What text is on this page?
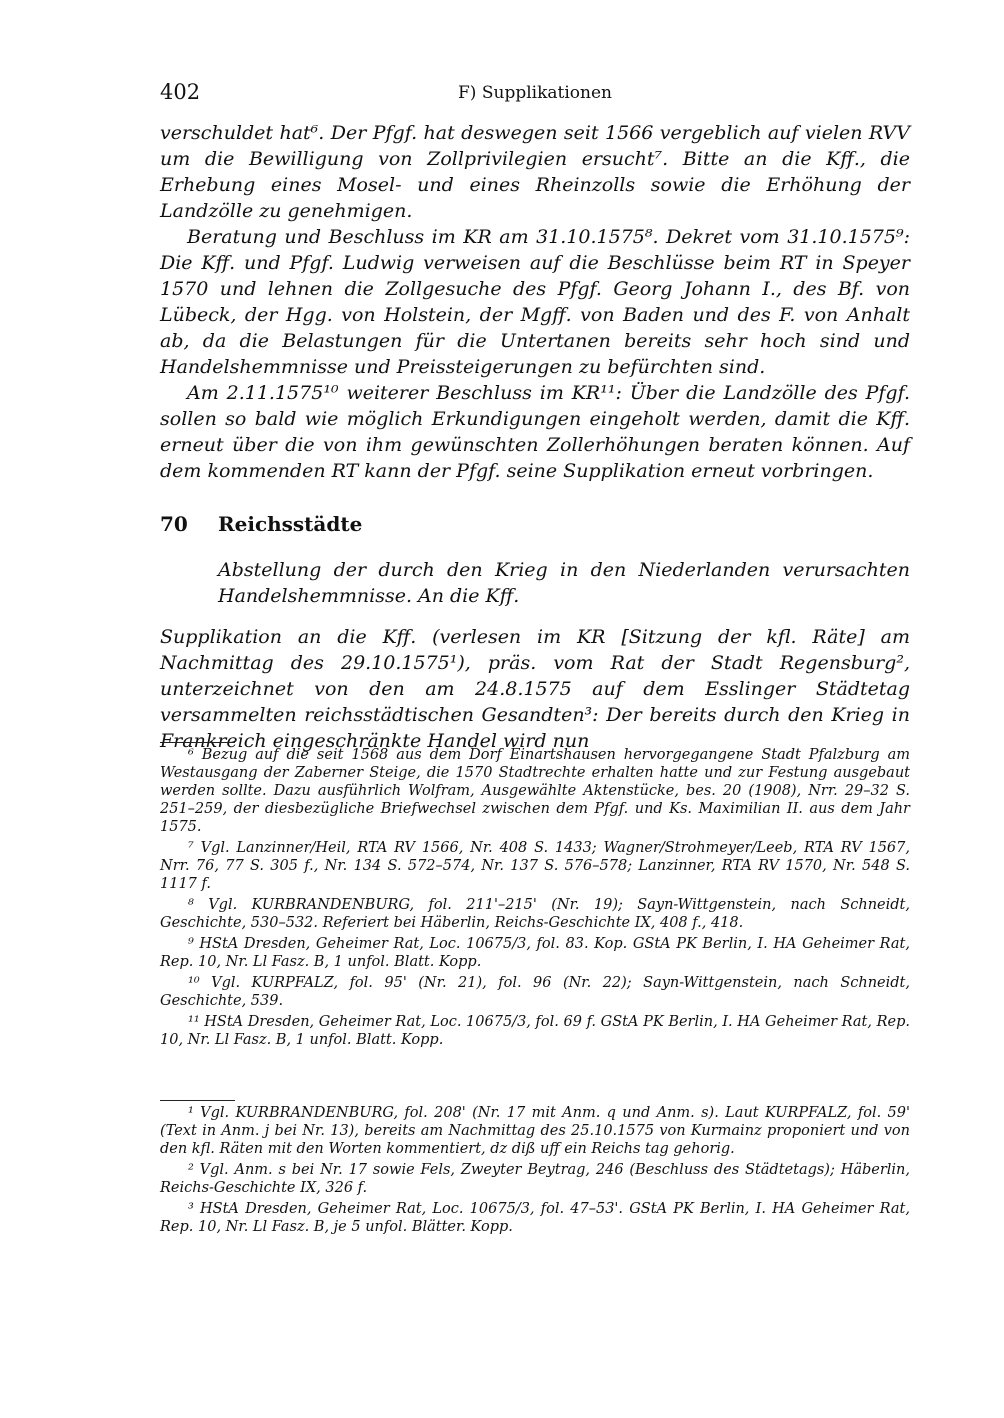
402	F) Supplikationen

verschuldet hat⁶. Der Pfgf. hat deswegen seit 1566 vergeblich auf vielen RVV um die Bewilligung von Zollprivilegien ersucht⁷. Bitte an die Kff., die Erhebung eines Mosel- und eines Rheinzolls sowie die Erhöhung der Landzölle zu genehmigen.

Beratung und Beschluss im KR am 31.10.1575⁸. Dekret vom 31.10.1575⁹: Die Kff. und Pfgf. Ludwig verweisen auf die Beschlüsse beim RT in Speyer 1570 und lehnen die Zollgesuche des Pfgf. Georg Johann I., des Bf. von Lübeck, der Hgg. von Holstein, der Mgff. von Baden und des F. von Anhalt ab, da die Belastungen für die Untertanen bereits sehr hoch sind und Handelshemmnisse und Preissteigerungen zu befürchten sind.

Am 2.11.1575¹⁰ weiterer Beschluss im KR¹¹: Über die Landzölle des Pfgf. sollen so bald wie möglich Erkundigungen eingeholt werden, damit die Kff. erneut über die von ihm gewünschten Zollerhöhungen beraten können. Auf dem kommenden RT kann der Pfgf. seine Supplikation erneut vorbringen.

70 Reichsstädte
Abstellung der durch den Krieg in den Niederlanden verursachten Handelshemmnisse. An die Kff.
Supplikation an die Kff. (verlesen im KR [Sitzung der kfl. Räte] am Nachmittag des 29.10.1575¹), präs. vom Rat der Stadt Regensburg², unterzeichnet von den am 24.8.1575 auf dem Esslinger Städtetag versammelten reichsstädtischen Gesandten³: Der bereits durch den Krieg in Frankreich eingeschränkte Handel wird nun

⁶ Bezug auf die seit 1568 aus dem Dorf Einartshausen hervorgegangene Stadt Pfalzburg am Westausgang der Zaberner Steige, die 1570 Stadtrechte erhalten hatte und zur Festung ausgebaut werden sollte. Dazu ausführlich Wolfram, Ausgewählte Aktenstücke, bes. 20 (1908), Nrr. 29–32 S. 251–259, der diesbezügliche Briefwechsel zwischen dem Pfgf. und Ks. Maximilian II. aus dem Jahr 1575.

⁷ Vgl. Lanzinner/Heil, RTA RV 1566, Nr. 408 S. 1433; Wagner/Strohmeyer/Leeb, RTA RV 1567, Nrr. 76, 77 S. 305 f., Nr. 134 S. 572–574, Nr. 137 S. 576–578; Lanzinner, RTA RV 1570, Nr. 548 S. 1117 f.

⁸ Vgl. KURBRANDENBURG, fol. 211'–215' (Nr. 19); Sayn-Wittgenstein, nach Schneidt, Geschichte, 530–532. Referiert bei Häberlin, Reichs-Geschichte IX, 408 f., 418.

⁹ HStA Dresden, Geheimer Rat, Loc. 10675/3, fol. 83. Kop. GStA PK Berlin, I. HA Geheimer Rat, Rep. 10, Nr. Ll Fasz. B, 1 unfol. Blatt. Kopp.

¹⁰ Vgl. KURPFALZ, fol. 95' (Nr. 21), fol. 96 (Nr. 22); Sayn-Wittgenstein, nach Schneidt, Geschichte, 539.

¹¹ HStA Dresden, Geheimer Rat, Loc. 10675/3, fol. 69 f. GStA PK Berlin, I. HA Geheimer Rat, Rep. 10, Nr. Ll Fasz. B, 1 unfol. Blatt. Kopp.

¹ Vgl. KURBRANDENBURG, fol. 208' (Nr. 17 mit Anm. q und Anm. s). Laut KURPFALZ, fol. 59' (Text in Anm. j bei Nr. 13), bereits am Nachmittag des 25.10.1575 von Kurmainz proponiert und von den kfl. Räten mit den Worten kommentiert, dz diß uff ein Reichs tag gehorig.

² Vgl. Anm. s bei Nr. 17 sowie Fels, Zweyter Beytrag, 246 (Beschluss des Städtetags); Häberlin, Reichs-Geschichte IX, 326 f.

³ HStA Dresden, Geheimer Rat, Loc. 10675/3, fol. 47–53'. GStA PK Berlin, I. HA Geheimer Rat, Rep. 10, Nr. Ll Fasz. B, je 5 unfol. Blätter. Kopp.
